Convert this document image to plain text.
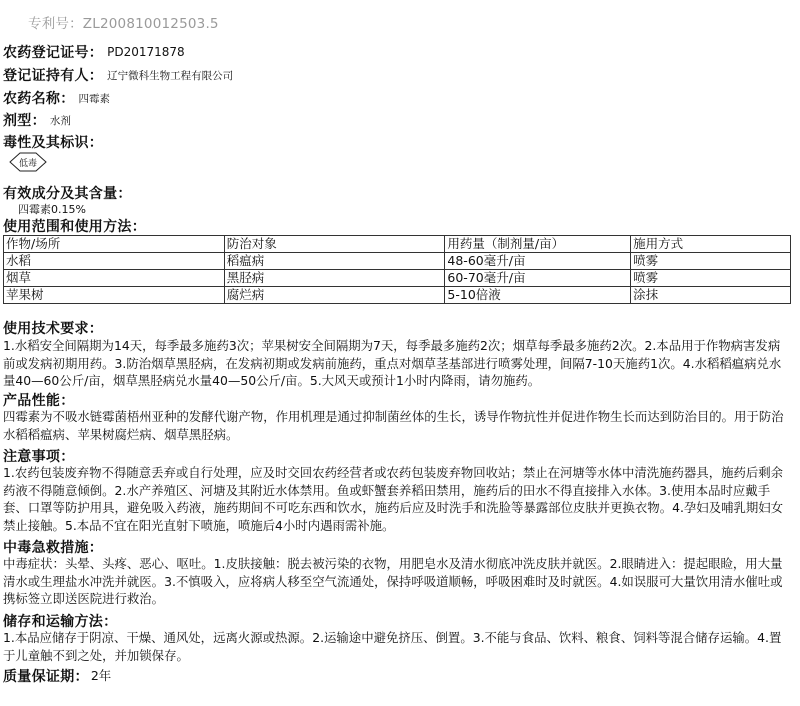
专利号：ZL200810012503.5
农药登记证号： PD20171878
登记证持有人： 辽宁微科生物工程有限公司
农药名称： 四霉素
剂型： 水剂
毒性及其标识：
低毒
有效成分及其含量：
四霉素0.15%
使用范围和使用方法：
作物/场所	防治对象	用药量（制剂量/亩）	施用方式
水稻	稻瘟病	48-60毫升/亩	喷雾
烟草	黑胫病	60-70毫升/亩	喷雾
苹果树	腐烂病	5-10倍液	涂抹
使用技术要求：

1.水稻安全间隔期为14天，每季最多施药3次；苹果树安全间隔期为7天，每季最多施药2次；烟草每季最多施药2次。2.本品用于作物病害发病前或发病初期用药。3.防治烟草黑胫病，在发病初期或发病前施药，重点对烟草茎基部进行喷雾处理，间隔7-10天施药1次。4.水稻稻瘟病兑水量40—60公斤/亩，烟草黑胫病兑水量40—50公斤/亩。5.大风天或预计1小时内降雨，请勿施药。

产品性能：

四霉素为不吸水链霉菌梧州亚种的发酵代谢产物，作用机理是通过抑制菌丝体的生长，诱导作物抗性并促进作物生长而达到防治目的。用于防治水稻稻瘟病、苹果树腐烂病、烟草黑胫病。

注意事项：

1.农药包装废弃物不得随意丢弃或自行处理，应及时交回农药经营者或农药包装废弃物回收站；禁止在河塘等水体中清洗施药器具，施药后剩余药液不得随意倾倒。2.水产养殖区、河塘及其附近水体禁用。鱼或虾蟹套养稻田禁用，施药后的田水不得直接排入水体。3.使用本品时应戴手套、口罩等防护用具，避免吸入药液，施药期间不可吃东西和饮水，施药后应及时洗手和洗脸等暴露部位皮肤并更换衣物。4.孕妇及哺乳期妇女禁止接触。5.本品不宜在阳光直射下喷施，喷施后4小时内遇雨需补施。

中毒急救措施：

中毒症状：头晕、头疼、恶心、呕吐。1.皮肤接触：脱去被污染的衣物，用肥皂水及清水彻底冲洗皮肤并就医。2.眼睛进入：提起眼睑，用大量清水或生理盐水冲洗并就医。3.不慎吸入，应将病人移至空气流通处，保持呼吸道顺畅，呼吸困难时及时就医。4.如误服可大量饮用清水催吐或携标签立即送医院进行救治。

储存和运输方法：

1.本品应储存于阴凉、干燥、通风处，远离火源或热源。2.运输途中避免挤压、倒置。3.不能与食品、饮料、粮食、饲料等混合储存运输。4.置于儿童触不到之处，并加锁保存。

质量保证期： 2年
